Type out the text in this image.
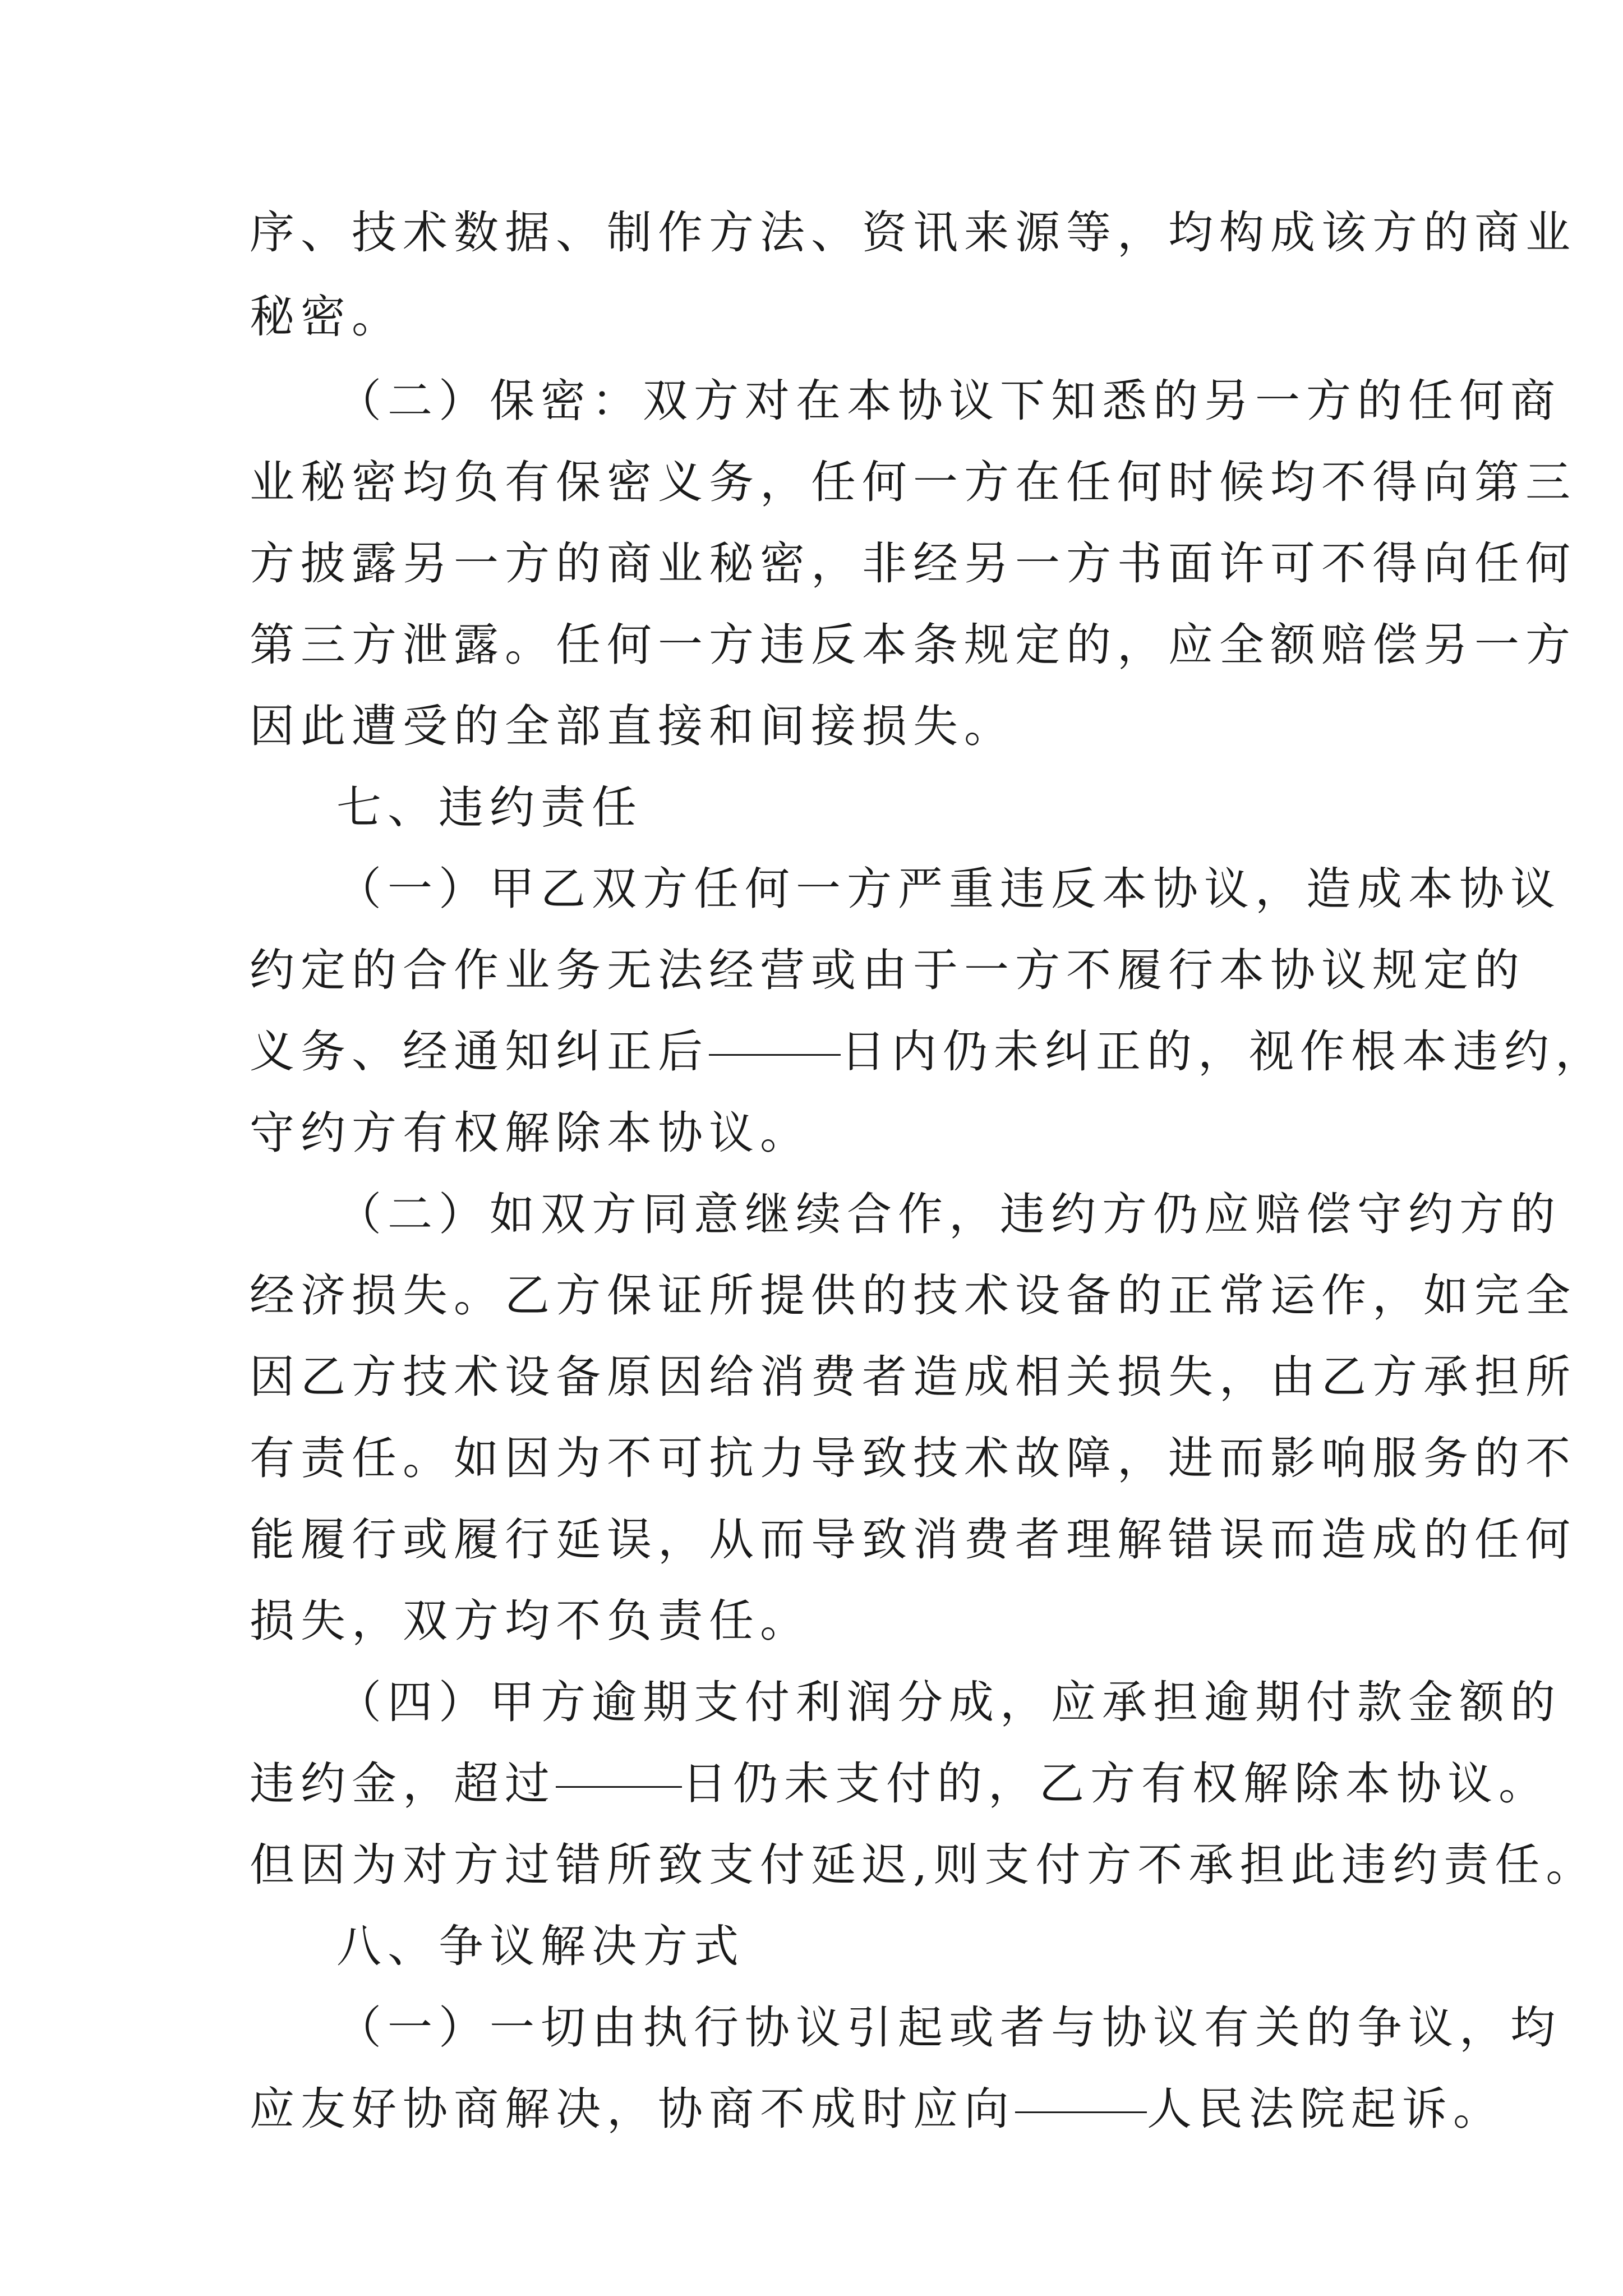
序、技术数据、制作方法、资讯来源等，均构成该方的商业
秘密。
（二）保密：双方对在本协议下知悉的另一方的任何商
业秘密均负有保密义务，任何一方在任何时候均不得向第三
方披露另一方的商业秘密，非经另一方书面许可不得向任何
第三方泄露。任何一方违反本条规定的，应全额赔偿另一方
因此遭受的全部直接和间接损失。
七、违约责任
（一）甲乙双方任何一方严重违反本协议，造成本协议
约定的合作业务无法经营或由于一方不履行本协议规定的
义务、经通知纠正后	日内仍未纠正的，视作根本违约，
守约方有权解除本协议。
（二）如双方同意继续合作，违约方仍应赔偿守约方的
经济损失。乙方保证所提供的技术设备的正常运作，如完全
因乙方技术设备原因给消费者造成相关损失，由乙方承担所
有责任。如因为不可抗力导致技术故障，进而影响服务的不
能履行或履行延误，从而导致消费者理解错误而造成的任何
损失，双方均不负责任。
（四）甲方逾期支付利润分成，应承担逾期付款金额的
违约金，超过	日仍未支付的，乙方有权解除本协议。
但因为对方过错所致支付延迟,则支付方不承担此违约责任。
八、争议解决方式
（一）一切由执行协议引起或者与协议有关的争议，均
应友好协商解决，协商不成时应向	人民法院起诉。
